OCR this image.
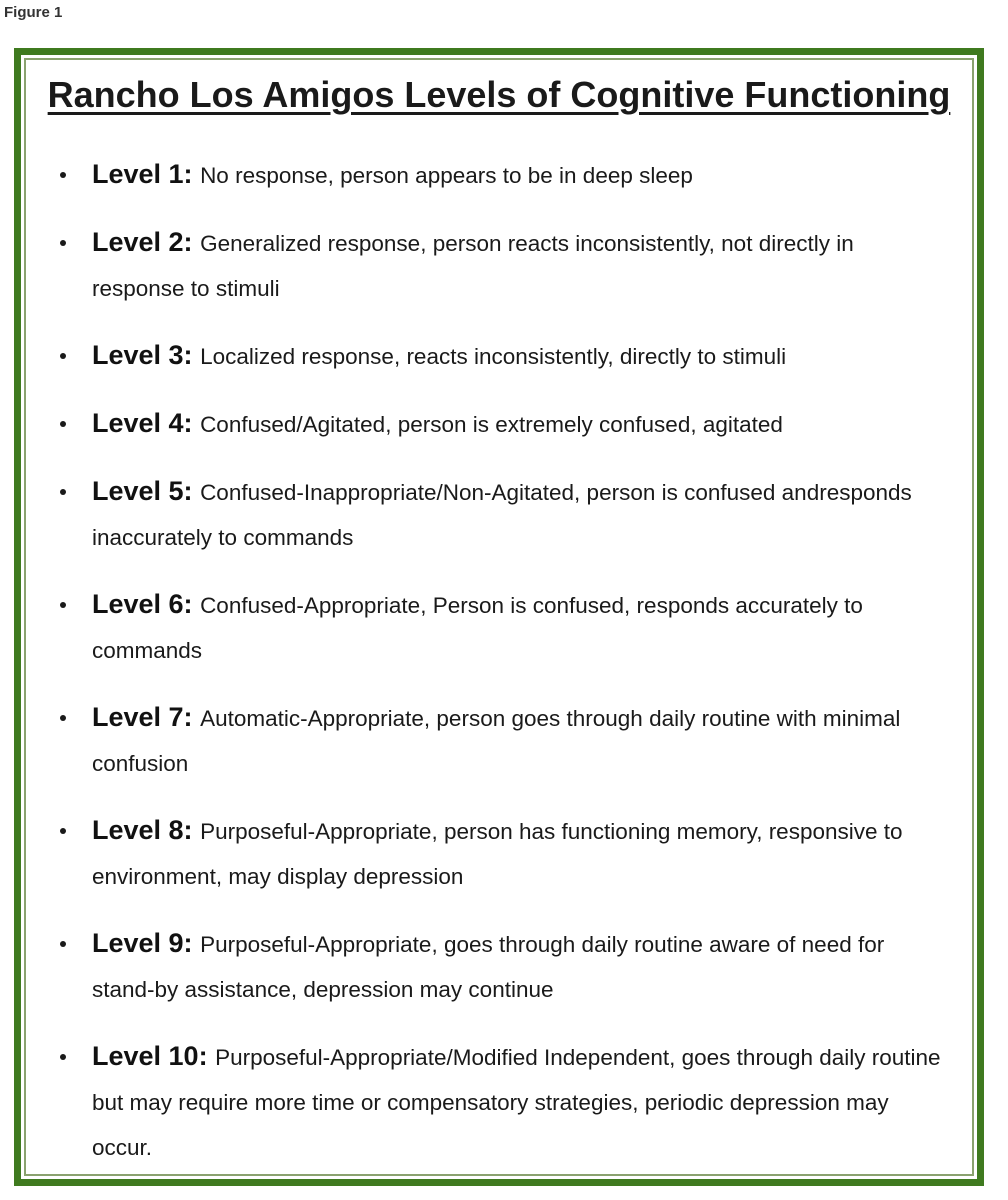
Figure 1
Rancho Los Amigos Levels of Cognitive Functioning
Level 1: No response, person appears to be in deep sleep
Level 2: Generalized response, person reacts inconsistently, not directly in response to stimuli
Level 3: Localized response, reacts inconsistently, directly to stimuli
Level 4: Confused/Agitated, person is extremely confused, agitated
Level 5: Confused-Inappropriate/Non-Agitated, person is confused andresponds inaccurately to commands
Level 6: Confused-Appropriate, Person is confused, responds accurately to commands
Level 7: Automatic-Appropriate, person goes through daily routine with minimal confusion
Level 8: Purposeful-Appropriate, person has functioning memory, responsive to environment, may display depression
Level 9: Purposeful-Appropriate, goes through daily routine aware of need for stand-by assistance, depression may continue
Level 10: Purposeful-Appropriate/Modified Independent, goes through daily routine but may require more time or compensatory strategies, periodic depression may occur.
